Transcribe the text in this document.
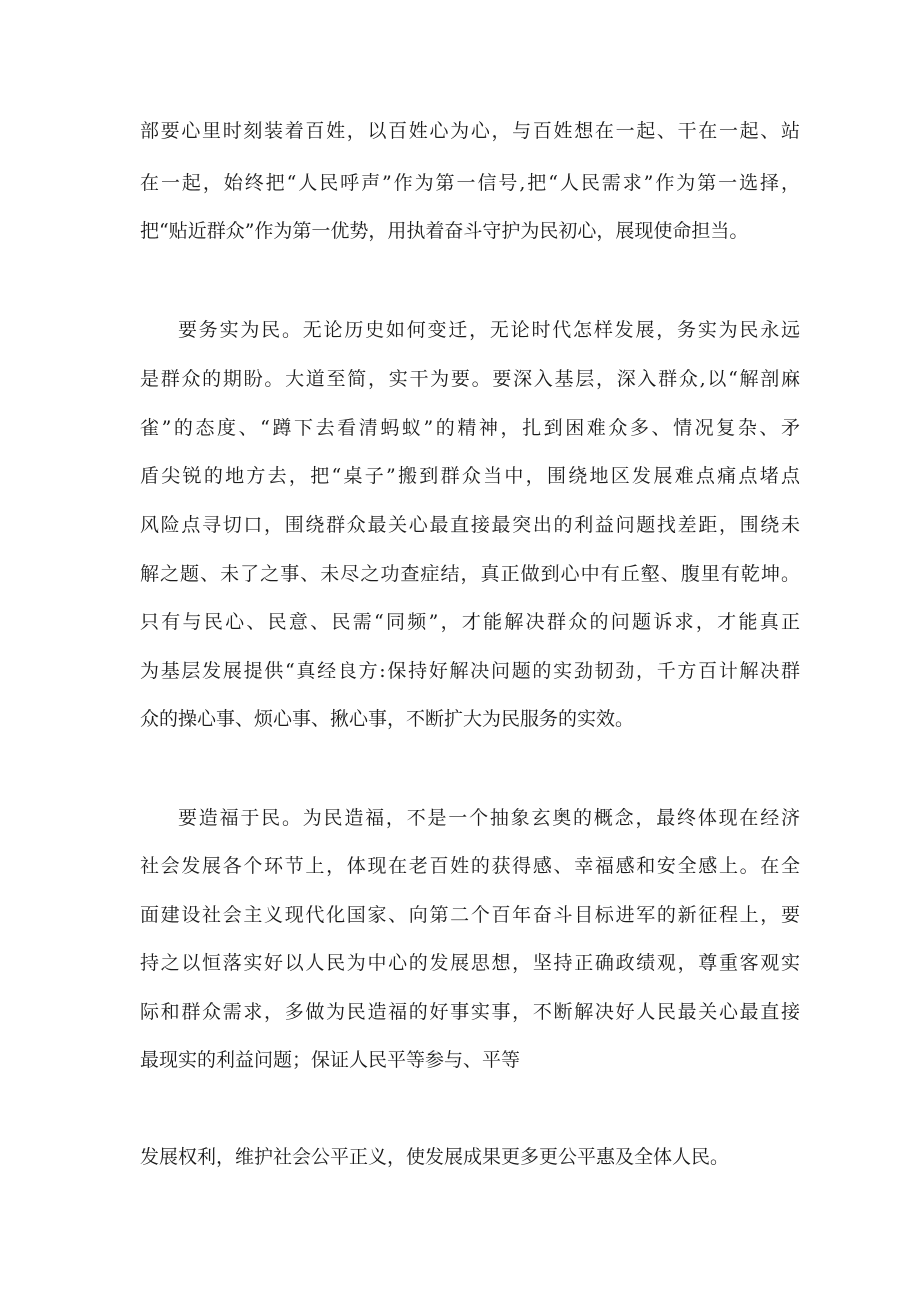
部要心里时刻装着百姓，以百姓心为心，与百姓想在一起、干在一起、站
在一起，始终把“人民呼声”作为第一信号,把“人民需求”作为第一选择，
把“贴近群众”作为第一优势，用执着奋斗守护为民初心，展现使命担当。
要务实为民。无论历史如何变迁，无论时代怎样发展，务实为民永远
是群众的期盼。大道至简，实干为要。要深入基层，深入群众,以“解剖麻
雀”的态度、“蹲下去看清蚂蚁”的精神，扎到困难众多、情况复杂、矛
盾尖锐的地方去，把“桌子”搬到群众当中，围绕地区发展难点痛点堵点
风险点寻切口，围绕群众最关心最直接最突出的利益问题找差距，围绕未
解之题、未了之事、未尽之功查症结，真正做到心中有丘壑、腹里有乾坤。
只有与民心、民意、民需“同频”，才能解决群众的问题诉求，才能真正
为基层发展提供“真经良方:保持好解决问题的实劲韧劲，千方百计解决群
众的操心事、烦心事、揪心事，不断扩大为民服务的实效。
要造福于民。为民造福，不是一个抽象玄奥的概念，最终体现在经济
社会发展各个环节上，体现在老百姓的获得感、幸福感和安全感上。在全
面建设社会主义现代化国家、向第二个百年奋斗目标进军的新征程上，要
持之以恒落实好以人民为中心的发展思想，坚持正确政绩观，尊重客观实
际和群众需求，多做为民造福的好事实事，不断解决好人民最关心最直接
最现实的利益问题；保证人民平等参与、平等
发展权利，维护社会公平正义，使发展成果更多更公平惠及全体人民。
